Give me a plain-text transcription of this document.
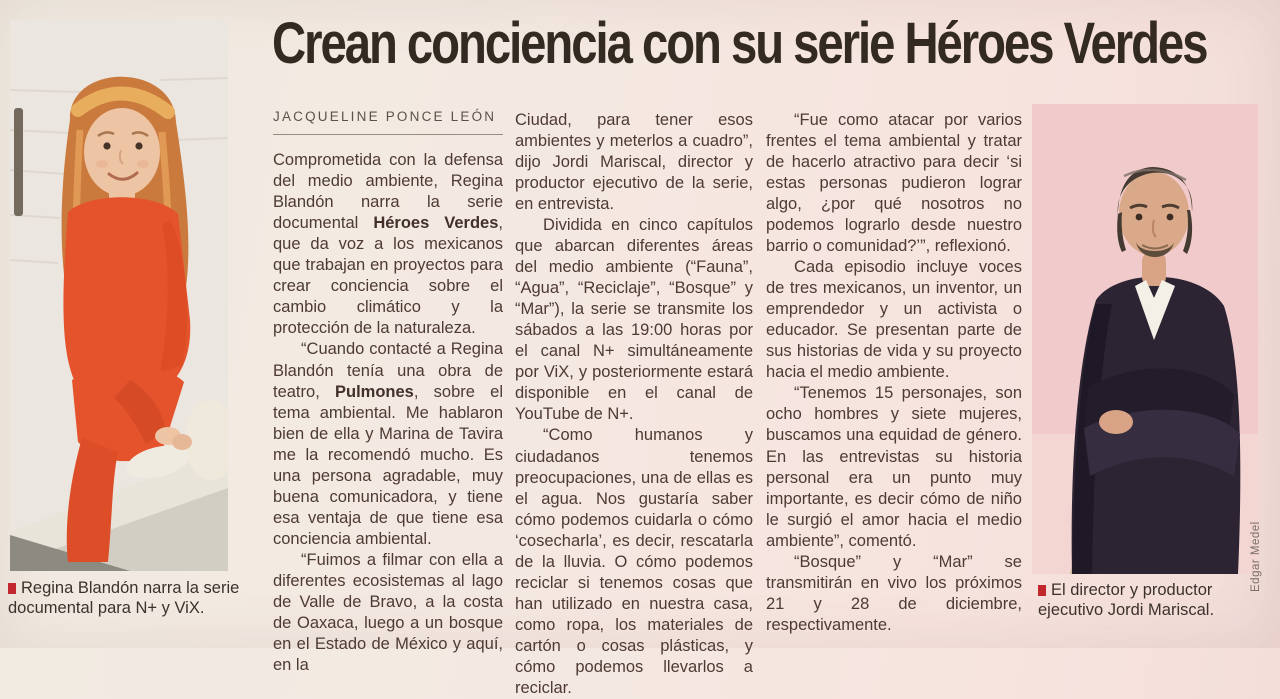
Crean conciencia con su serie Héroes Verdes
Regina Blandón narra la serie documental para N+ y ViX.
JACQUELINE PONCE LEÓN

Comprometida con la defensa del medio ambiente, Regina Blandón narra la serie documental Héroes Verdes, que da voz a los mexicanos que trabajan en proyectos para crear conciencia sobre el cambio climático y la protección de la naturaleza.

“Cuando contacté a Regina Blandón tenía una obra de teatro, Pulmones, sobre el tema ambiental. Me hablaron bien de ella y Marina de Tavira me la recomendó mucho. Es una persona agradable, muy buena comunicadora, y tiene esa ventaja de que tiene esa conciencia ambiental.

“Fuimos a filmar con ella a diferentes ecosistemas al lago de Valle de Bravo, a la costa de Oaxaca, luego a un bosque en el Estado de México y aquí, en la

Ciudad, para tener esos ambientes y meterlos a cuadro”, dijo Jordi Mariscal, director y productor ejecutivo de la serie, en entrevista.

Dividida en cinco capítulos que abarcan diferentes áreas del medio ambiente (“Fauna”, “Agua”, “Reciclaje”, “Bosque” y “Mar”), la serie se transmite los sábados a las 19:00 horas por el canal N+ simultáneamente por ViX, y posteriormente estará disponible en el canal de YouTube de N+.

“Como humanos y ciudadanos tenemos preocupaciones, una de ellas es el agua. Nos gustaría saber cómo podemos cuidarla o cómo ‘cosecharla’, es decir, rescatarla de la lluvia. O cómo podemos reciclar si tenemos cosas que han utilizado en nuestra casa, como ropa, los materiales de cartón o cosas plásticas, y cómo podemos llevarlos a reciclar.

“Fue como atacar por varios frentes el tema ambiental y tratar de hacerlo atractivo para decir ‘si estas personas pudieron lograr algo, ¿por qué nosotros no podemos lograrlo desde nuestro barrio o comunidad?’”, reflexionó.

Cada episodio incluye voces de tres mexicanos, un inventor, un emprendedor y un activista o educador. Se presentan parte de sus historias de vida y su proyecto hacia el medio ambiente.

“Tenemos 15 personajes, son ocho hombres y siete mujeres, buscamos una equidad de género. En las entrevistas su historia personal era un punto muy importante, es decir cómo de niño le surgió el amor hacia el medio ambiente”, comentó.

“Bosque” y “Mar” se transmitirán en vivo los próximos 21 y 28 de diciembre, respectivamente.

El director y productor ejecutivo Jordi Mariscal.
Edgar Medel
